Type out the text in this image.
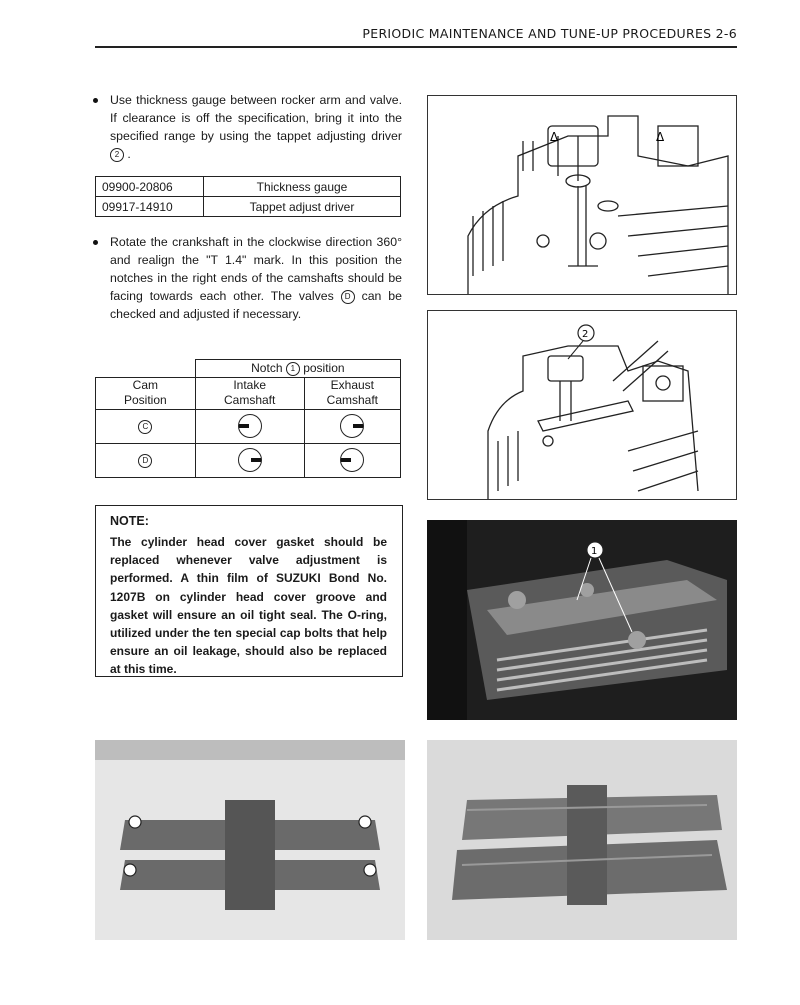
PERIODIC MAINTENANCE AND TUNE-UP PROCEDURES 2-6
Use thickness gauge between rocker arm and valve. If clearance is off the specification, bring it into the specified range by using the tappet adjusting driver 2 .
09900-20806	Thickness gauge
09917-14910	Tappet adjust driver
Rotate the crankshaft in the clockwise direction 360° and realign the "T 1.4" mark. In this position the notches in the right ends of the camshafts should be facing towards each other. The valves D can be checked and adjusted if necessary.
	Notch 1 position	
Cam Position	Intake Camshaft	Exhaust Camshaft
C	

D	

NOTE:
The cylinder head cover gasket should be replaced whenever valve adjustment is performed. A thin film of SUZUKI Bond No. 1207B on cylinder head cover groove and gasket will ensure an oil tight seal. The O-ring, utilized under the ten special cap bolts that help ensure an oil leakage, should also be replaced at this time.
Δ	Δ
2
1
